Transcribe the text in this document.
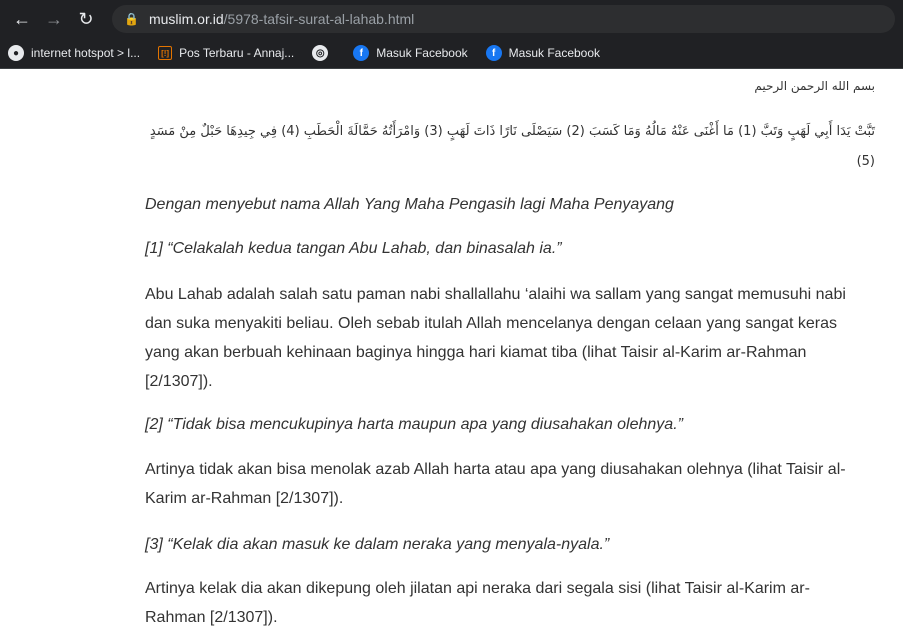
← → ↻	🔒 muslim.or.id /5978-tafsir-surat-al-lahab.html
● internet hotspot > l...	[!] Pos Terbaru - Annaj...	◎	f	Masuk Facebook	f	Masuk Facebook
بسم الله الرحمن الرحيم
تَبَّتْ يَدَا أَبِي لَهَبٍ وَتَبَّ (1) مَا أَغْنَى عَنْهُ مَالُهُ وَمَا كَسَبَ (2) سَيَصْلَى نَارًا ذَاتَ لَهَبٍ (3) وَامْرَأَتُهُ حَمَّالَةَ الْحَطَبِ (4) فِي جِيدِهَا حَبْلٌ مِنْ مَسَدٍ (5)
Dengan menyebut nama Allah Yang Maha Pengasih lagi Maha Penyayang
[1] “Celakalah kedua tangan Abu Lahab, dan binasalah ia.”
Abu Lahab adalah salah satu paman nabi shallallahu ‘alaihi wa sallam yang sangat memusuhi nabi dan suka menyakiti beliau. Oleh sebab itulah Allah mencelanya dengan celaan yang sangat keras yang akan berbuah kehinaan baginya hingga hari kiamat tiba (lihat Taisir al-Karim ar-Rahman [2/1307]).
[2] “Tidak bisa mencukupinya harta maupun apa yang diusahakan olehnya.”
Artinya tidak akan bisa menolak azab Allah harta atau apa yang diusahakan olehnya (lihat Taisir al-Karim ar-Rahman [2/1307]).
[3] “Kelak dia akan masuk ke dalam neraka yang menyala-nyala.”
Artinya kelak dia akan dikepung oleh jilatan api neraka dari segala sisi (lihat Taisir al-Karim ar-Rahman [2/1307]).
